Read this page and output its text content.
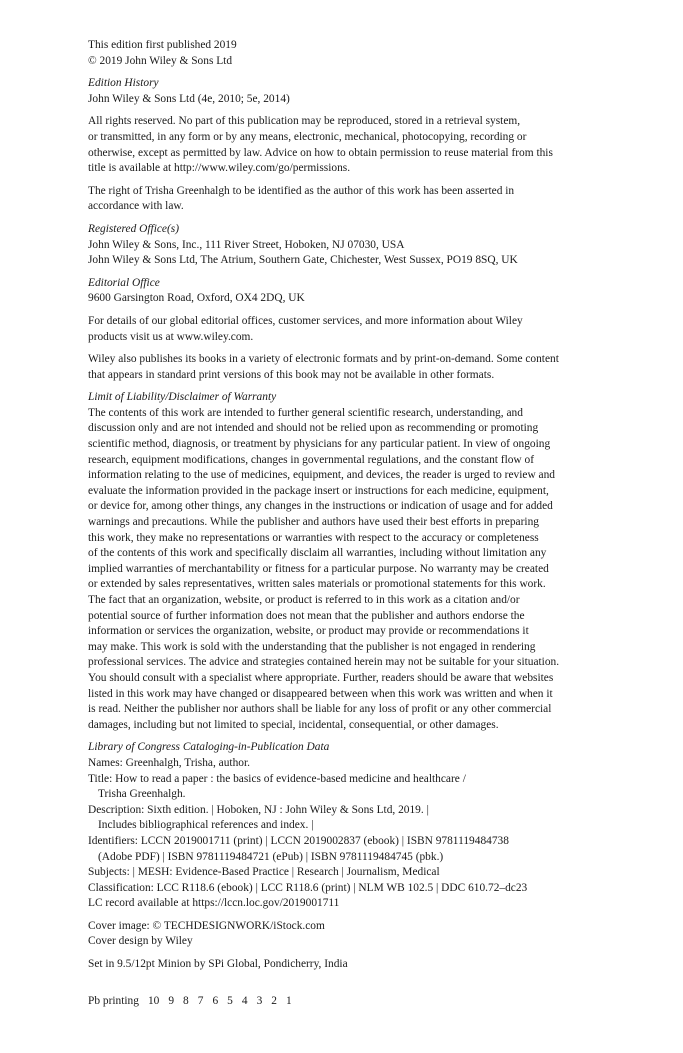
This edition first published 2019

© 2019 John Wiley & Sons Ltd

Edition History

John Wiley & Sons Ltd (4e, 2010; 5e, 2014)

All rights reserved. No part of this publication may be reproduced, stored in a retrieval system,

or transmitted, in any form or by any means, electronic, mechanical, photocopying, recording or

otherwise, except as permitted by law. Advice on how to obtain permission to reuse material from this

title is available at http://www.wiley.com/go/permissions.

The right of Trisha Greenhalgh to be identified as the author of this work has been asserted in

accordance with law.

Registered Office(s)

John Wiley & Sons, Inc., 111 River Street, Hoboken, NJ 07030, USA

John Wiley & Sons Ltd, The Atrium, Southern Gate, Chichester, West Sussex, PO19 8SQ, UK

Editorial Office

9600 Garsington Road, Oxford, OX4 2DQ, UK

For details of our global editorial offices, customer services, and more information about Wiley

products visit us at www.wiley.com.

Wiley also publishes its books in a variety of electronic formats and by print-on-demand. Some content

that appears in standard print versions of this book may not be available in other formats.

Limit of Liability/Disclaimer of Warranty

The contents of this work are intended to further general scientific research, understanding, and

discussion only and are not intended and should not be relied upon as recommending or promoting

scientific method, diagnosis, or treatment by physicians for any particular patient. In view of ongoing

research, equipment modifications, changes in governmental regulations, and the constant flow of

information relating to the use of medicines, equipment, and devices, the reader is urged to review and

evaluate the information provided in the package insert or instructions for each medicine, equipment,

or device for, among other things, any changes in the instructions or indication of usage and for added

warnings and precautions. While the publisher and authors have used their best efforts in preparing

this work, they make no representations or warranties with respect to the accuracy or completeness

of the contents of this work and specifically disclaim all warranties, including without limitation any

implied warranties of merchantability or fitness for a particular purpose. No warranty may be created

or extended by sales representatives, written sales materials or promotional statements for this work.

The fact that an organization, website, or product is referred to in this work as a citation and/or

potential source of further information does not mean that the publisher and authors endorse the

information or services the organization, website, or product may provide or recommendations it

may make. This work is sold with the understanding that the publisher is not engaged in rendering

professional services. The advice and strategies contained herein may not be suitable for your situation.

You should consult with a specialist where appropriate. Further, readers should be aware that websites

listed in this work may have changed or disappeared between when this work was written and when it

is read. Neither the publisher nor authors shall be liable for any loss of profit or any other commercial

damages, including but not limited to special, incidental, consequential, or other damages.

Library of Congress Cataloging-in-Publication Data

Names: Greenhalgh, Trisha, author.

Title: How to read a paper : the basics of evidence-based medicine and healthcare /

Trisha Greenhalgh.

Description: Sixth edition. | Hoboken, NJ : John Wiley & Sons Ltd, 2019. |

Includes bibliographical references and index. |

Identifiers: LCCN 2019001711 (print) | LCCN 2019002837 (ebook) | ISBN 9781119484738

(Adobe PDF) | ISBN 9781119484721 (ePub) | ISBN 9781119484745 (pbk.)

Subjects: | MESH: Evidence-Based Practice | Research | Journalism, Medical

Classification: LCC R118.6 (ebook) | LCC R118.6 (print) | NLM WB 102.5 | DDC 610.72–dc23

LC record available at https://lccn.loc.gov/2019001711

Cover image: © TECHDESIGNWORK/iStock.com

Cover design by Wiley

Set in 9.5/12pt Minion by SPi Global, Pondicherry, India

Pb printing 10 9 8 7 6 5 4 3 2 1
